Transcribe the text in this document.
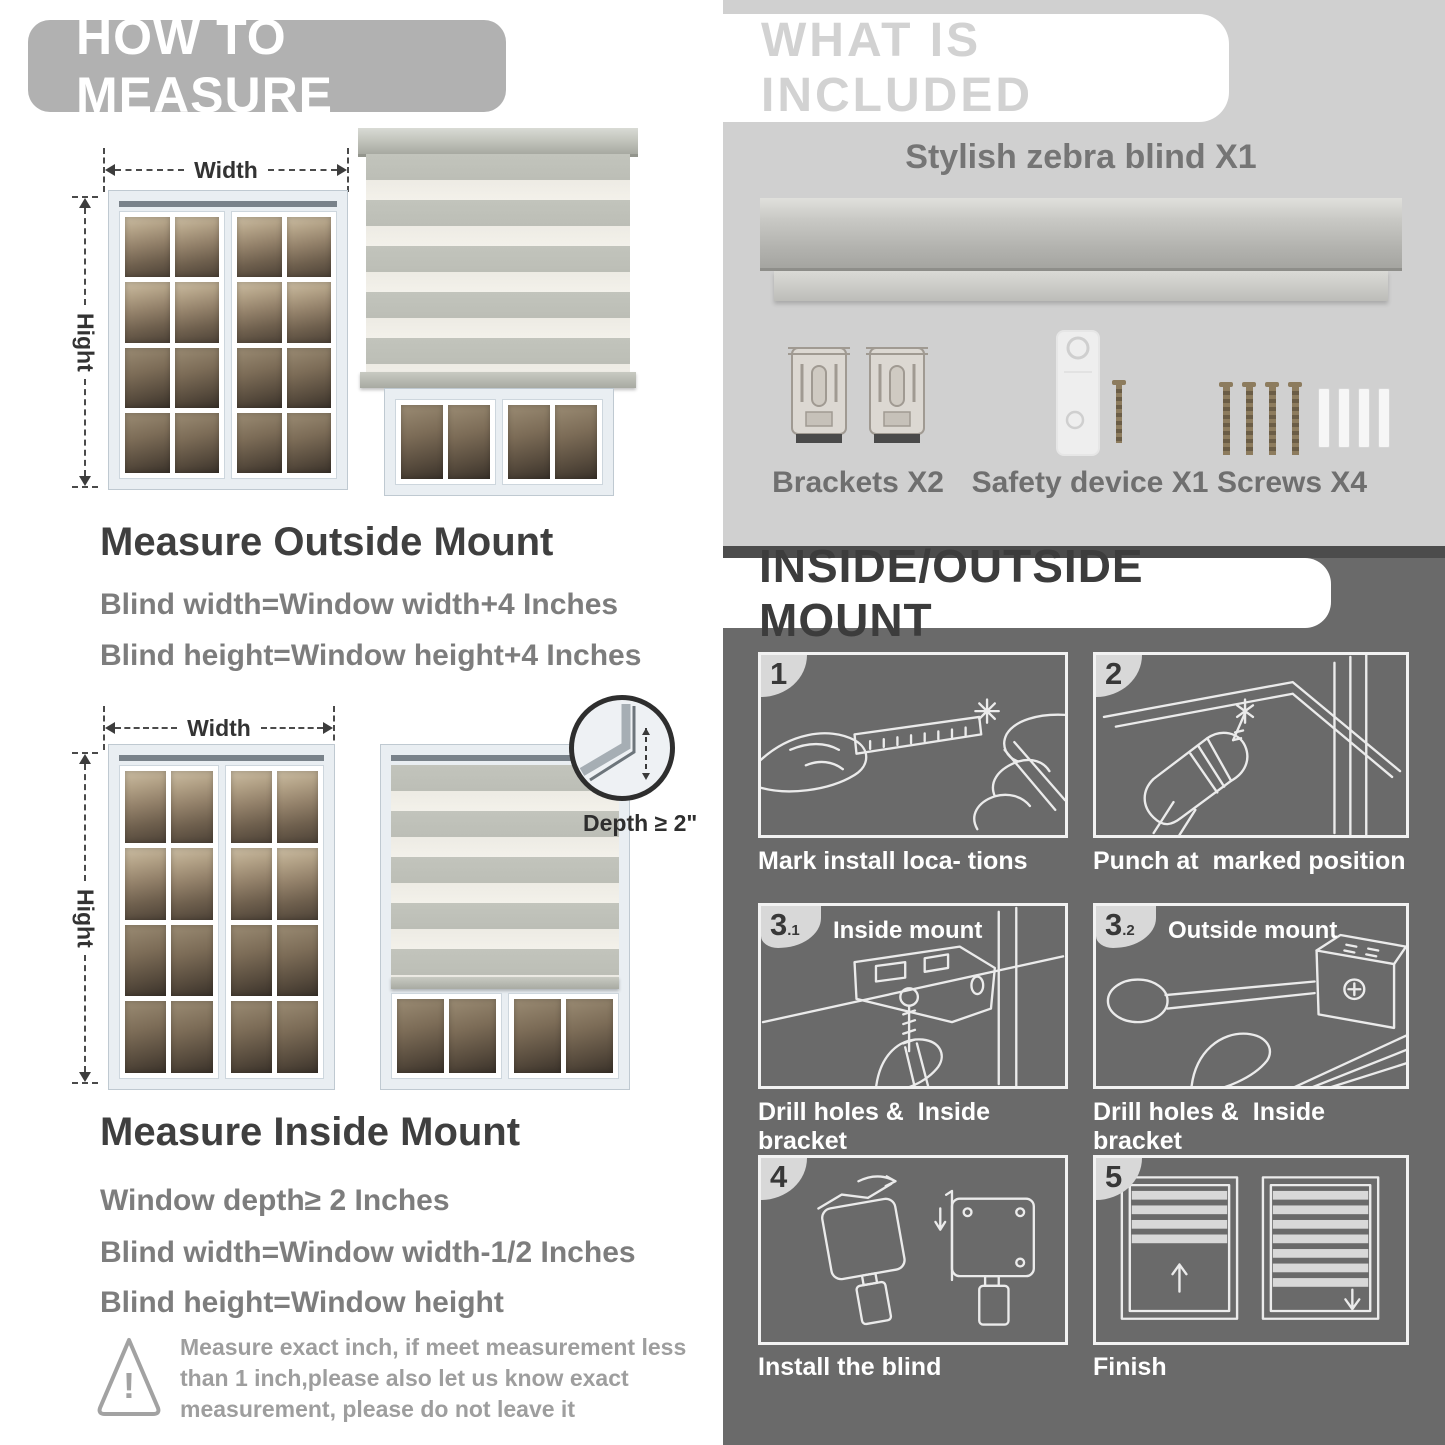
HOW TO MEASURE
Width
Hight
Measure Outside Mount
Blind width=Window width+4 Inches
Blind height=Window height+4 Inches
Width
Hight
Depth ≥ 2"
Measure Inside Mount
Window depth≥ 2 Inches
Blind width=Window width-1/2 Inches
Blind height=Window height
!
Measure exact inch, if meet measurement less
than 1 inch,please also let us know exact
measurement, please do not leave it
WHAT IS INCLUDED
Stylish zebra blind X1
Brackets X2 Safety device X1 Screws X4
INSIDE/OUTSIDE MOUNT
1
Mark install loca- tions
2
Punch at  marked position
3.1	Inside mount
Drill holes &  Inside bracket
3.2	Outside mount
Drill holes &  Inside bracket
4
Install the blind
5
Finish
